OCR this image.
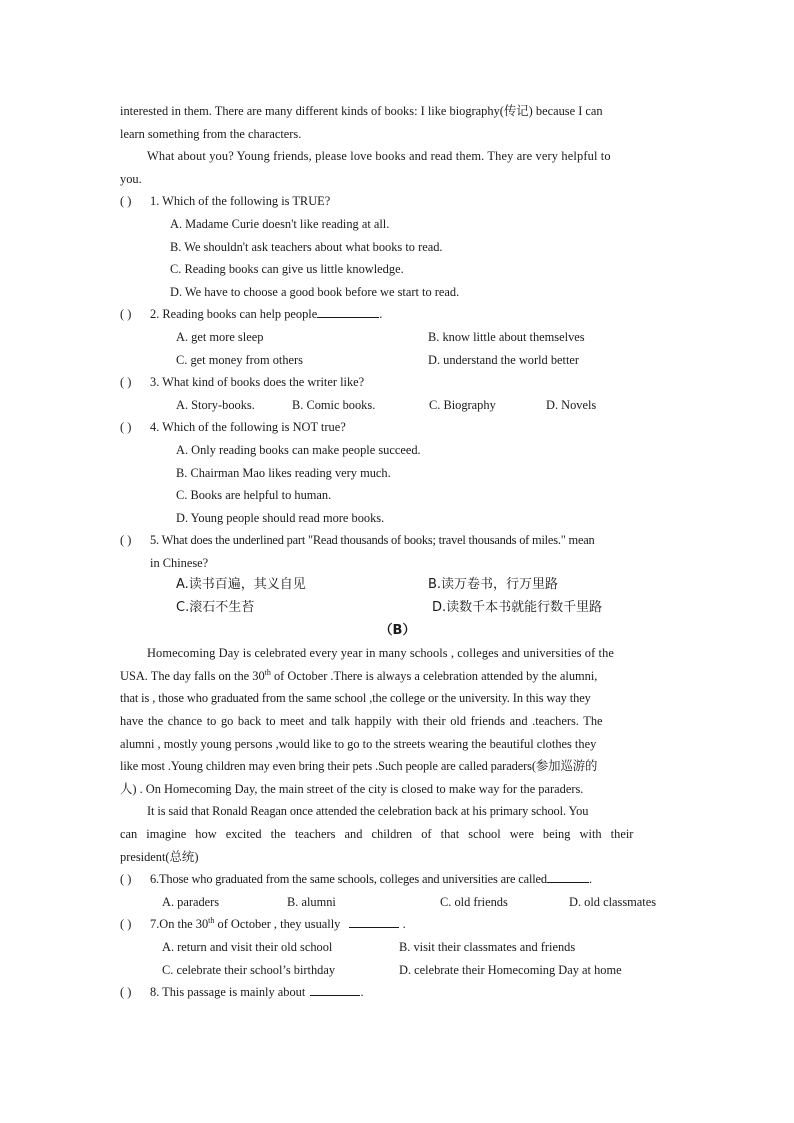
interested in them. There are many different kinds of books: I like biography(传记) because I can
learn something from the characters.
What about you? Young friends, please love books and read them. They are very helpful to
you.
( ) 1. Which of the following is TRUE?
A. Madame Curie doesn't like reading at all.
B. We shouldn't ask teachers about what books to read.
C. Reading books can give us little knowledge.
D. We have to choose a good book before we start to read.
( ) 2. Reading books can help people	.
A. get more sleep	B. know little about themselves
C. get money from others	D. understand the world better
( ) 3. What kind of books does the writer like?
A. Story-books.	B. Comic books.	C. Biography	D. Novels
( ) 4. Which of the following is NOT true?
A. Only reading books can make people succeed.
B. Chairman Mao likes reading very much.
C. Books are helpful to human.
D. Young people should read more books.
( ) 5. What does the underlined part "Read thousands of books; travel thousands of miles." mean
in Chinese?
A.读书百遍，其义自见	B.读万卷书，行万里路
C.滚石不生苔	D.读数千本书就能行数千里路
（B）
Homecoming Day is celebrated every year in many schools , colleges and universities of the
USA. The day falls on the 30th of October .There is always a celebration attended by the alumni,
that is , those who graduated from the same school ,the college or the university. In this way they
have the chance to go back to meet and talk happily with their old friends and .teachers. The
alumni , mostly young persons ,would like to go to the streets wearing the beautiful clothes they
like most .Young children may even bring their pets .Such people are called paraders(参加巡游的
人) . On Homecoming Day, the main street of the city is closed to make way for the paraders.
It is said that Ronald Reagan once attended the celebration back at his primary school. You
can imagine how excited the teachers and children of that school were being with their
president(总统)
( ) 6.Those who graduated from the same schools, colleges and universities are called	.
A. paraders	B. alumni	C. old friends	D. old classmates
( ) 7.On the 30th of October , they usually	.
A. return and visit their old school	B. visit their classmates and friends
C. celebrate their school’s birthday	D. celebrate their Homecoming Day at home
( ) 8. This passage is mainly about	.
